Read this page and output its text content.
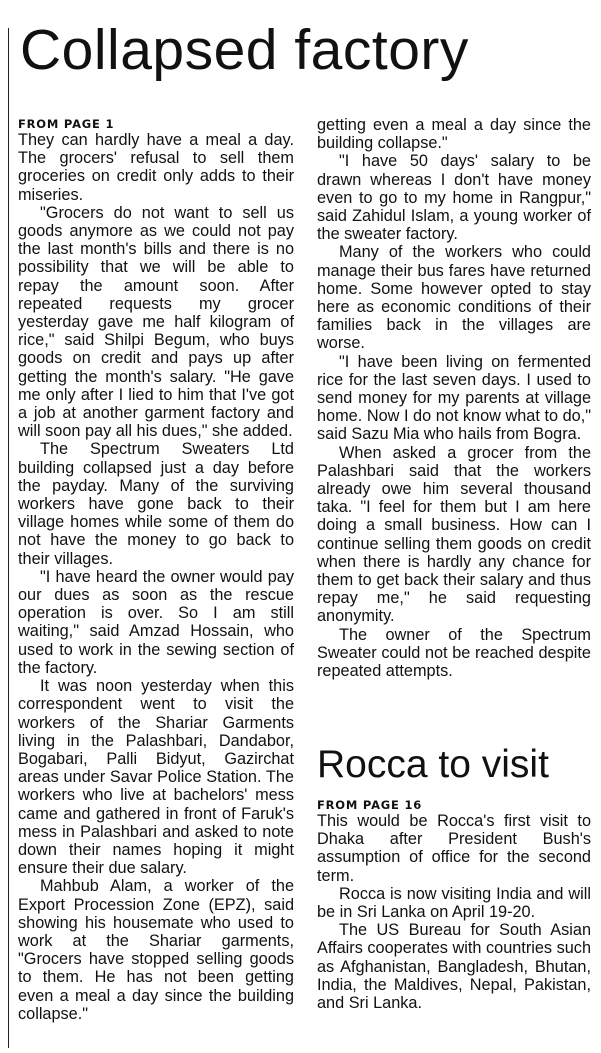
Collapsed factory

FROM PAGE 1

They can hardly have a meal a day. The grocers' refusal to sell them groceries on credit only adds to their miseries.

"Grocers do not want to sell us goods anymore as we could not pay the last month's bills and there is no possibility that we will be able to repay the amount soon. After repeated requests my grocer yesterday gave me half kilogram of rice," said Shilpi Begum, who buys goods on credit and pays up after getting the month's salary. "He gave me only after I lied to him that I've got a job at another garment factory and will soon pay all his dues," she added.

The Spectrum Sweaters Ltd building collapsed just a day before the payday. Many of the surviving workers have gone back to their village homes while some of them do not have the money to go back to their villages.

"I have heard the owner would pay our dues as soon as the rescue operation is over. So I am still waiting," said Amzad Hossain, who used to work in the sewing section of the factory.

It was noon yesterday when this correspondent went to visit the workers of the Shariar Garments living in the Palashbari, Dandabor, Bogabari, Palli Bidyut, Gazirchat areas under Savar Police Station. The workers who live at bachelors' mess came and gathered in front of Faruk's mess in Palashbari and asked to note down their names hoping it might ensure their due salary.

Mahbub Alam, a worker of the Export Procession Zone (EPZ), said showing his housemate who used to work at the Shariar garments, "Grocers have stopped selling goods to them. He has not been getting even a meal a day since the building collapse."

getting even a meal a day since the building collapse."

"I have 50 days' salary to be drawn whereas I don't have money even to go to my home in Rangpur," said Zahidul Islam, a young worker of the sweater factory.

Many of the workers who could manage their bus fares have returned home. Some however opted to stay here as economic conditions of their families back in the villages are worse.

"I have been living on fermented rice for the last seven days. I used to send money for my parents at village home. Now I do not know what to do," said Sazu Mia who hails from Bogra.

When asked a grocer from the Palashbari said that the workers already owe him several thousand taka. "I feel for them but I am here doing a small business. How can I continue selling them goods on credit when there is hardly any chance for them to get back their salary and thus repay me," he said requesting anonymity.

The owner of the Spectrum Sweater could not be reached despite repeated attempts.

Rocca to visit

FROM PAGE 16

This would be Rocca's first visit to Dhaka after President Bush's assumption of office for the second term.

Rocca is now visiting India and will be in Sri Lanka on April 19-20.

The US Bureau for South Asian Affairs cooperates with countries such as Afghanistan, Bangladesh, Bhutan, India, the Maldives, Nepal, Pakistan, and Sri Lanka.
